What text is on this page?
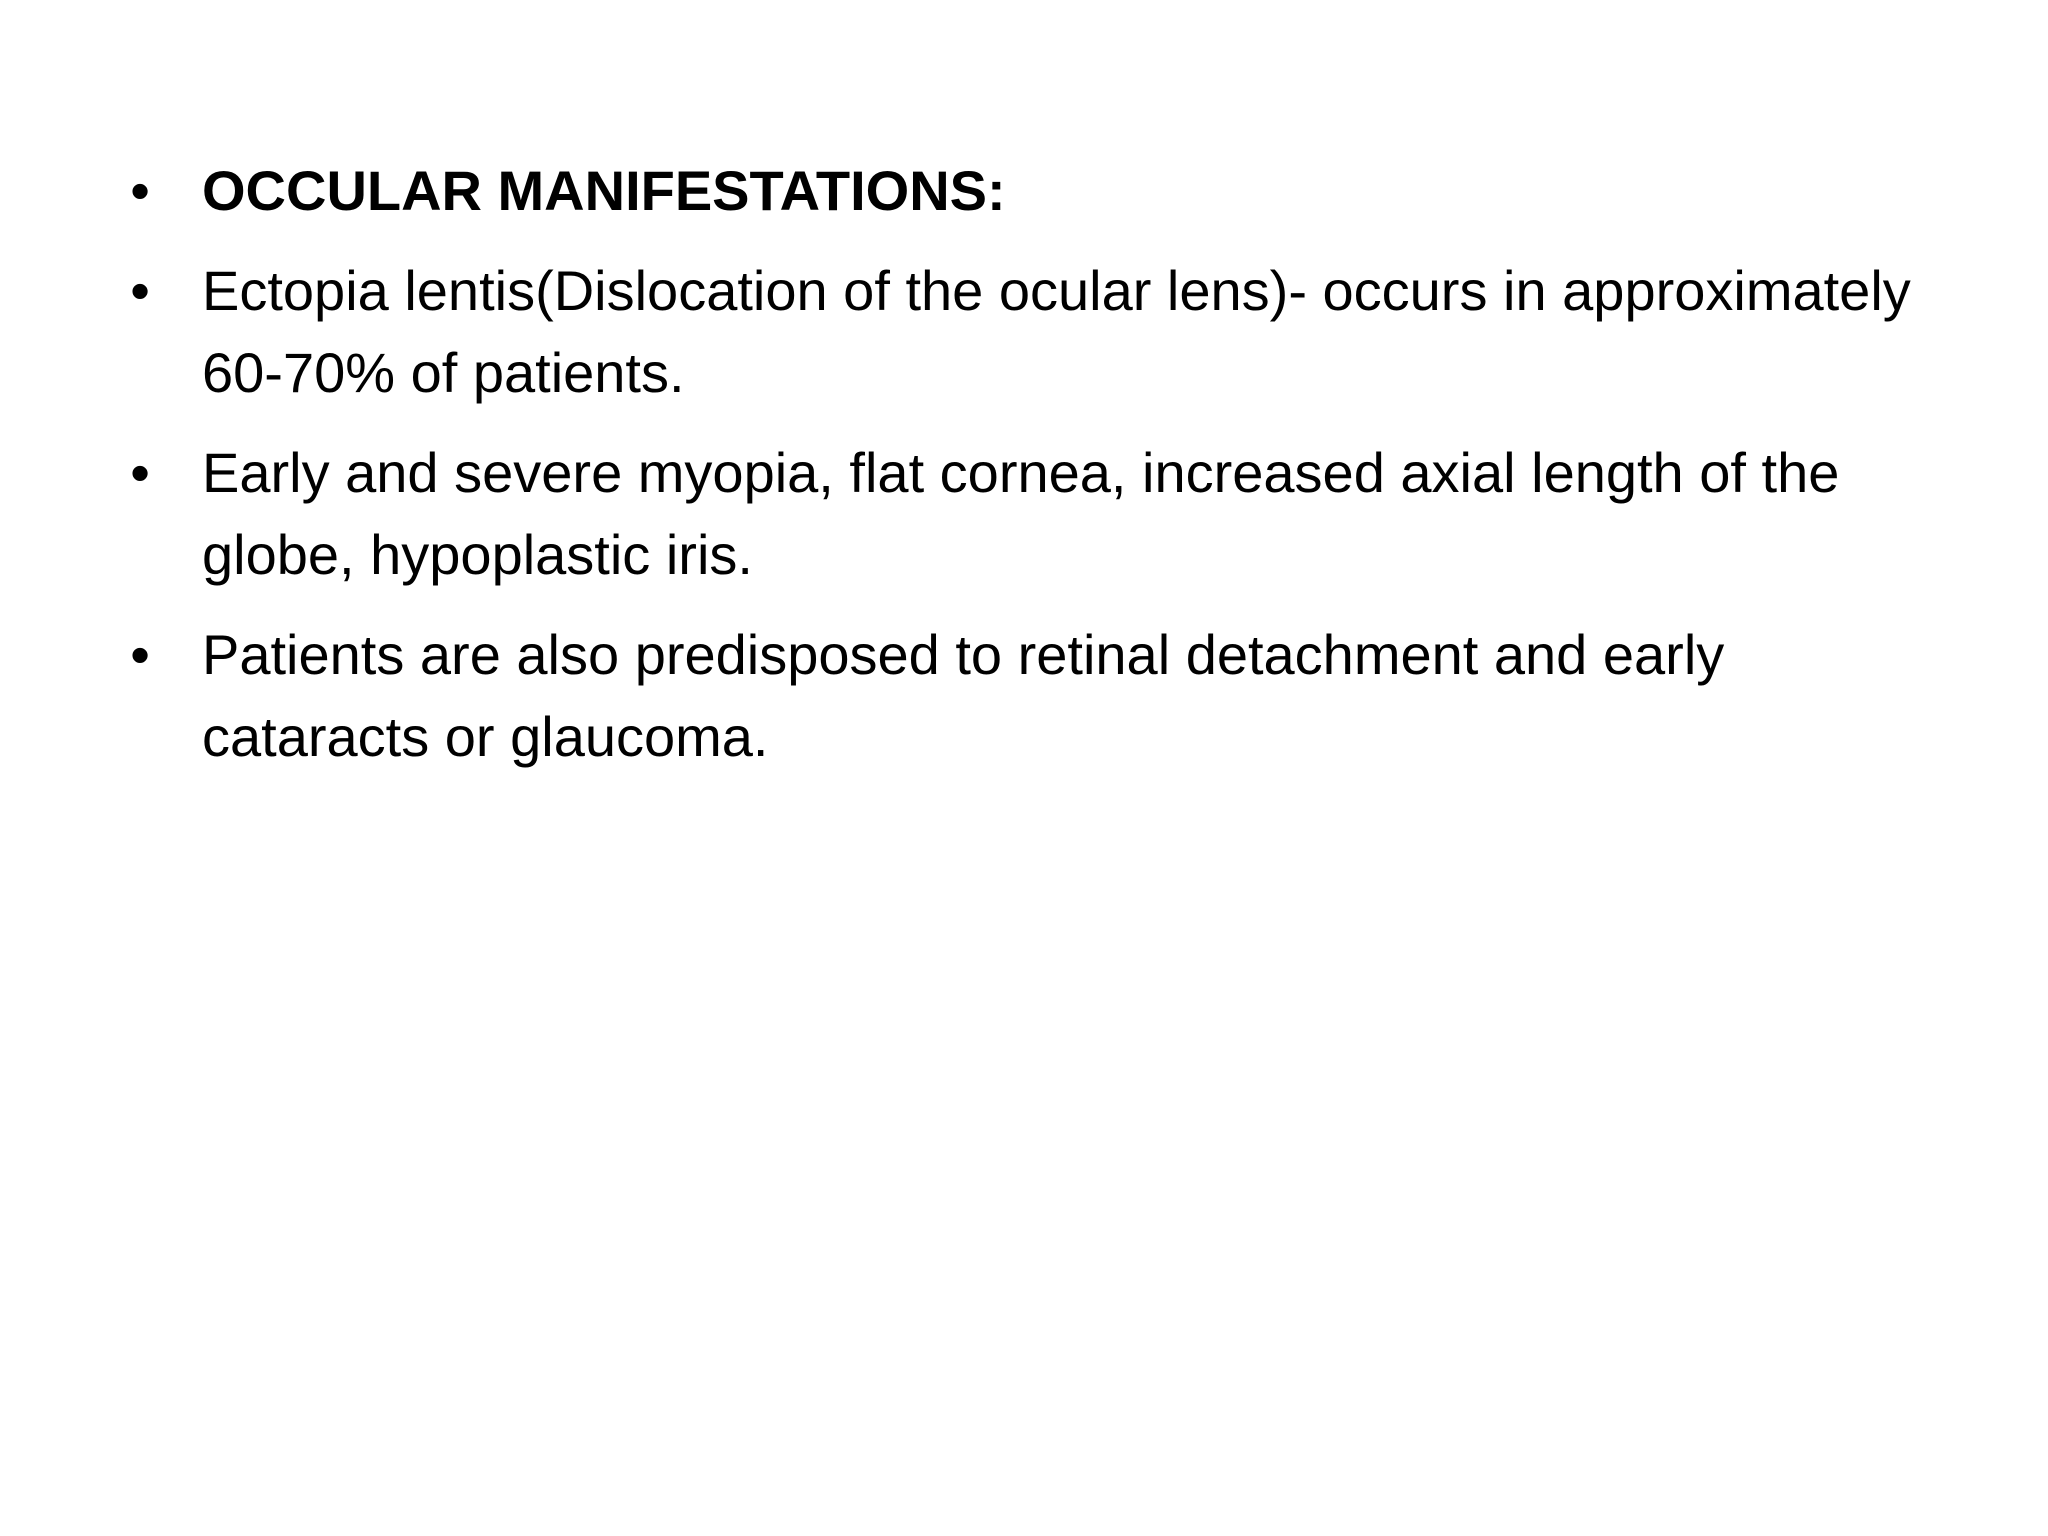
• OCCULAR MANIFESTATIONS:
• Ectopia lentis(Dislocation of the ocular lens)- occurs in approximately 60-70% of patients.
• Early and severe myopia, flat cornea, increased axial length of the globe, hypoplastic iris.
• Patients are also predisposed to retinal detachment and early cataracts or glaucoma.
